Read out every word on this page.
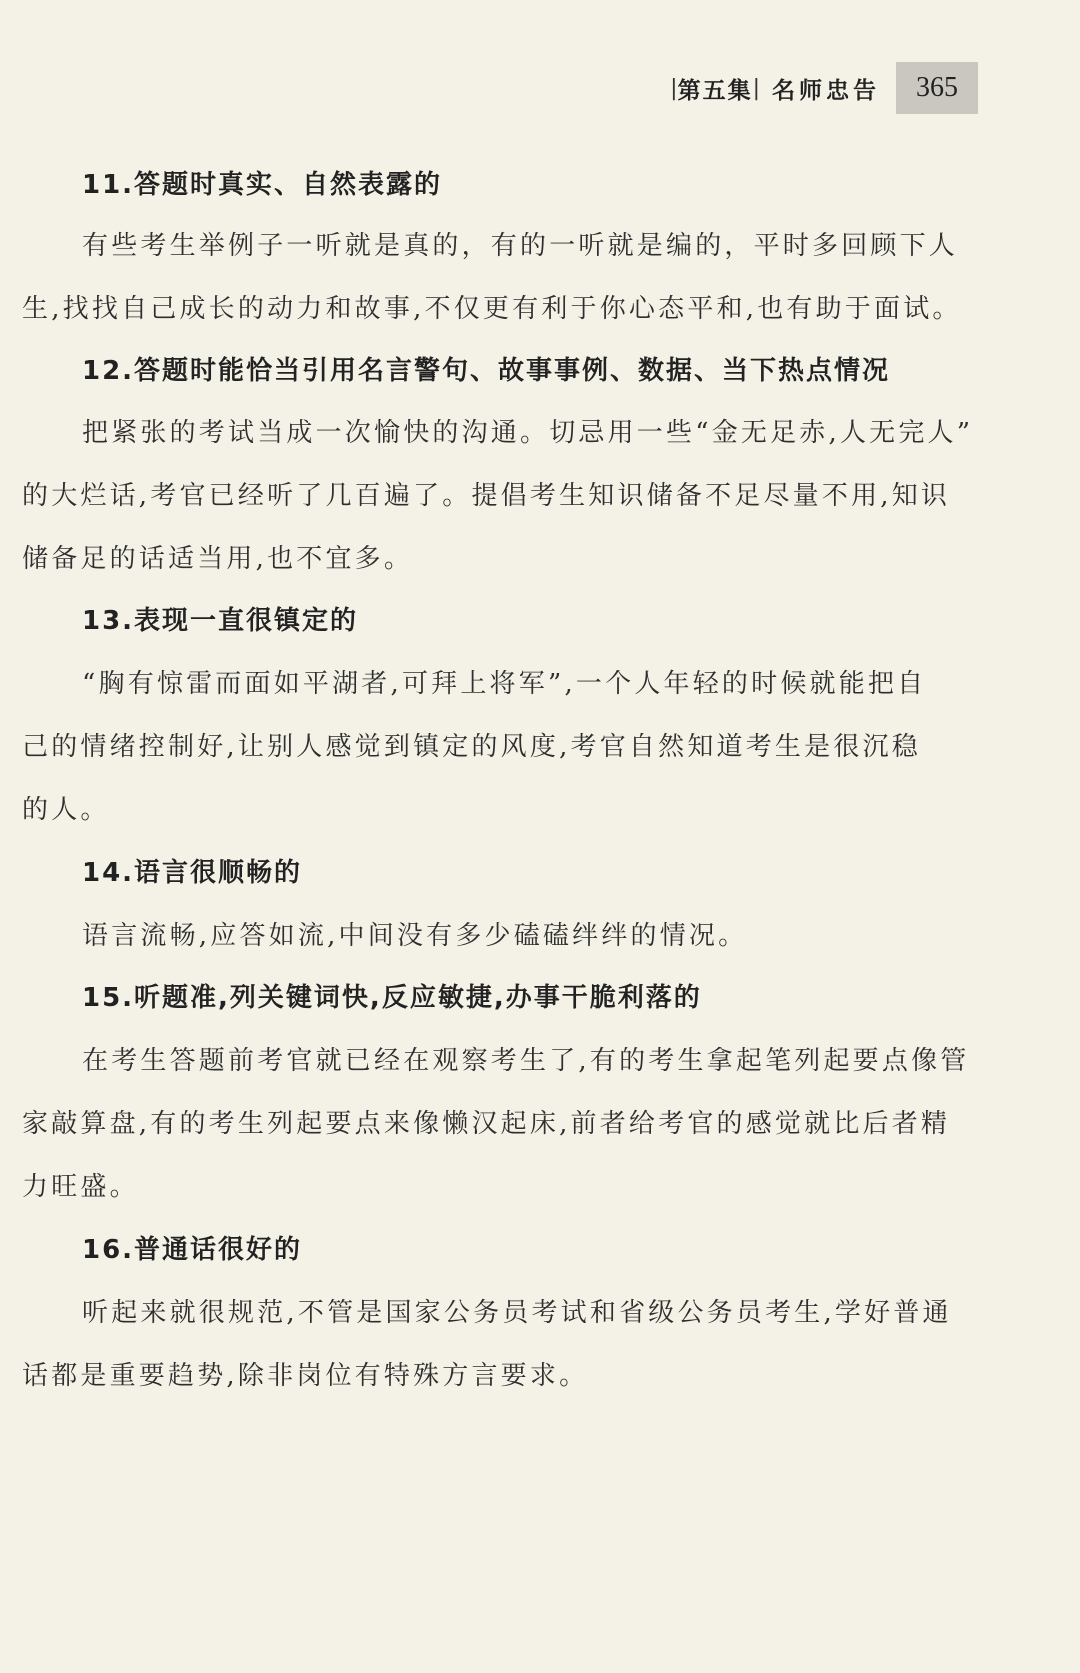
| 第五集 | 名师忠告	365
11.答题时真实、自然表露的
有些考生举例子一听就是真的，有的一听就是编的，平时多回顾下人
生,找找自己成长的动力和故事,不仅更有利于你心态平和,也有助于面试。
12.答题时能恰当引用名言警句、故事事例、数据、当下热点情况
把紧张的考试当成一次愉快的沟通。切忌用一些“金无足赤,人无完人”
的大烂话,考官已经听了几百遍了。提倡考生知识储备不足尽量不用,知识
储备足的话适当用,也不宜多。
13.表现一直很镇定的
“胸有惊雷而面如平湖者,可拜上将军”,一个人年轻的时候就能把自
己的情绪控制好,让别人感觉到镇定的风度,考官自然知道考生是很沉稳
的人。
14.语言很顺畅的
语言流畅,应答如流,中间没有多少磕磕绊绊的情况。
15.听题准,列关键词快,反应敏捷,办事干脆利落的
在考生答题前考官就已经在观察考生了,有的考生拿起笔列起要点像管
家敲算盘,有的考生列起要点来像懒汉起床,前者给考官的感觉就比后者精
力旺盛。
16.普通话很好的
听起来就很规范,不管是国家公务员考试和省级公务员考生,学好普通
话都是重要趋势,除非岗位有特殊方言要求。
